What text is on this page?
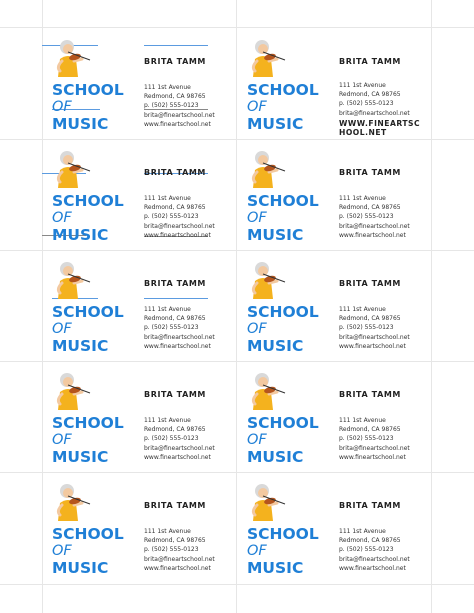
SCHOOL
OF
MUSIC
BRITA TAMM
111 1st Avenue
Redmond, CA 98765
p. (502) 555-0123
brita@fineartschool.net
www.fineartschool.net
SCHOOL
OF
MUSIC
BRITA TAMM
111 1st Avenue
Redmond, CA 98765
p. (502) 555-0123
brita@fineartschool.net
WWW.FINEARTSCHOOL.NET
SCHOOL
OF
MUSIC
BRITA TAMM
111 1st Avenue
Redmond, CA 98765
p. (502) 555-0123
brita@fineartschool.net
www.fineartschool.net
SCHOOL
OF
MUSIC
BRITA TAMM
111 1st Avenue
Redmond, CA 98765
p. (502) 555-0123
brita@fineartschool.net
www.fineartschool.net
SCHOOL
OF
MUSIC
BRITA TAMM
111 1st Avenue
Redmond, CA 98765
p. (502) 555-0123
brita@fineartschool.net
www.fineartschool.net
SCHOOL
OF
MUSIC
BRITA TAMM
111 1st Avenue
Redmond, CA 98765
p. (502) 555-0123
brita@fineartschool.net
www.fineartschool.net
SCHOOL
OF
MUSIC
BRITA TAMM
111 1st Avenue
Redmond, CA 98765
p. (502) 555-0123
brita@fineartschool.net
www.fineartschool.net
SCHOOL
OF
MUSIC
BRITA TAMM
111 1st Avenue
Redmond, CA 98765
p. (502) 555-0123
brita@fineartschool.net
www.fineartschool.net
SCHOOL
OF
MUSIC
BRITA TAMM
111 1st Avenue
Redmond, CA 98765
p. (502) 555-0123
brita@fineartschool.net
www.fineartschool.net
SCHOOL
OF
MUSIC
BRITA TAMM
111 1st Avenue
Redmond, CA 98765
p. (502) 555-0123
brita@fineartschool.net
www.fineartschool.net
